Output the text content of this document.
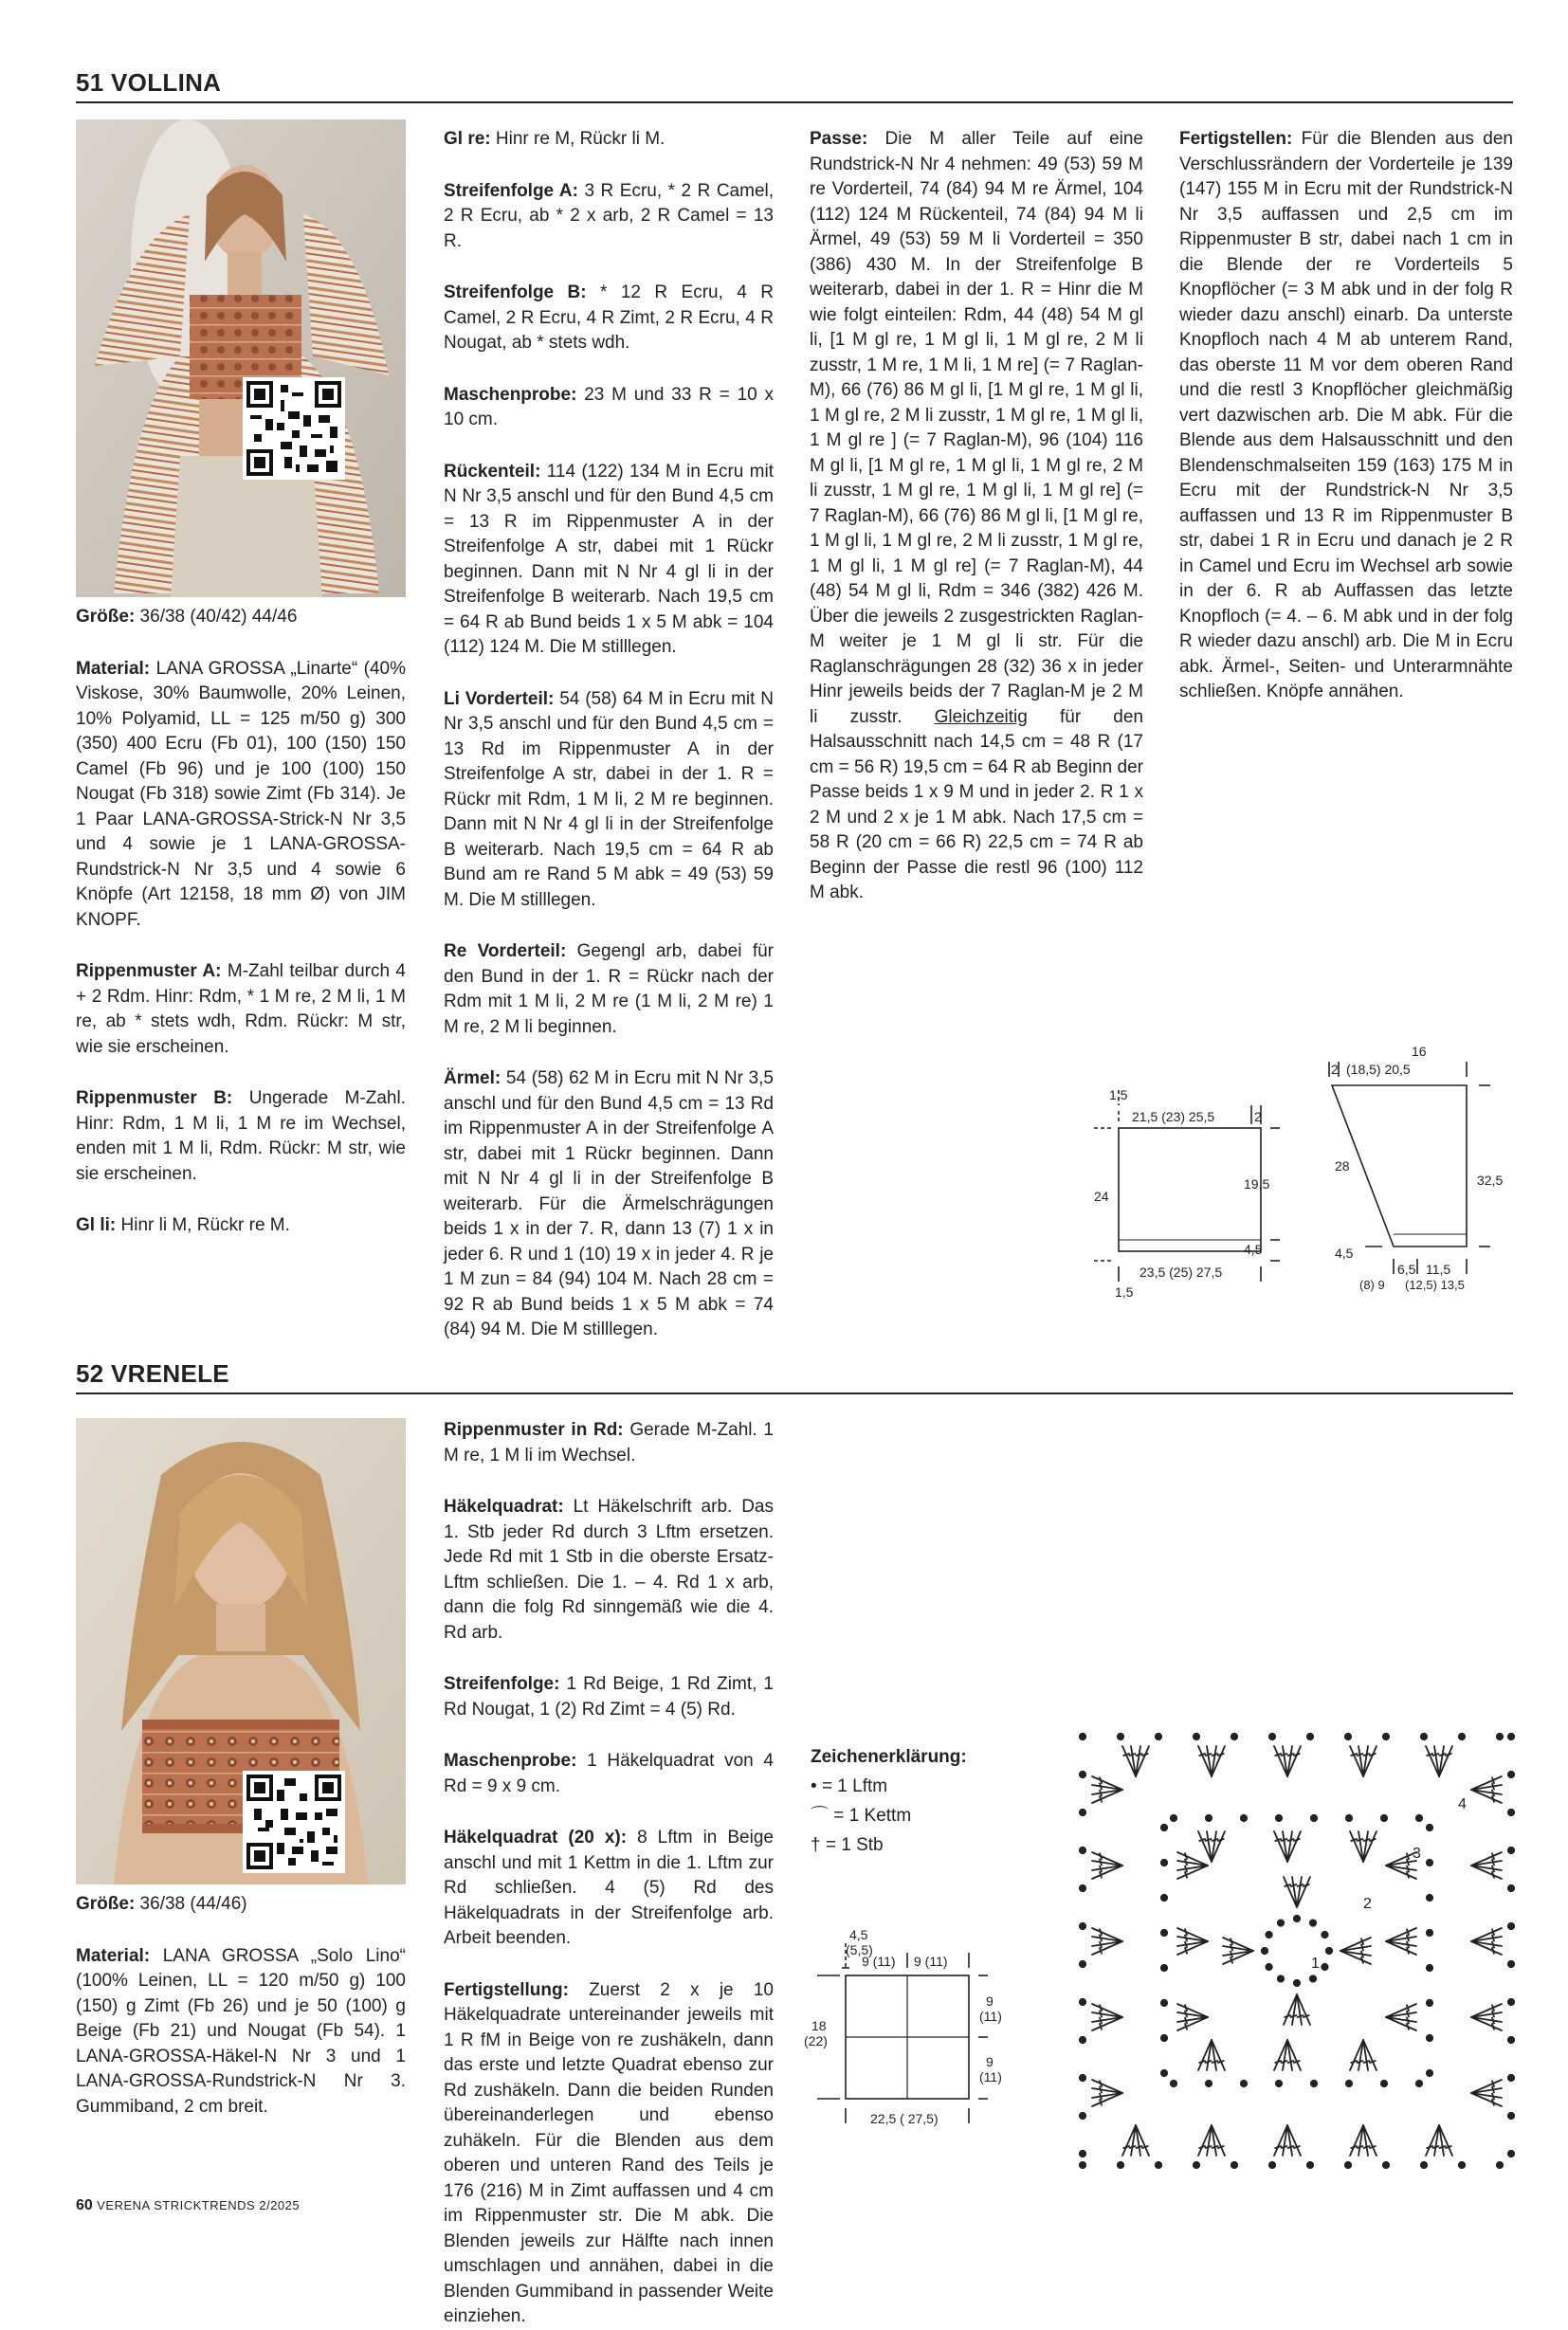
51 VOLLINA

Größe: 36/38 (40/42) 44/46

Material: LANA GROSSA „Linarte“ (40% Viskose, 30% Baumwolle, 20% Leinen, 10% Polyamid, LL = 125 m/50 g) 300 (350) 400 Ecru (Fb 01), 100 (150) 150 Camel (Fb 96) und je 100 (100) 150 Nougat (Fb 318) sowie Zimt (Fb 314). Je 1 Paar LANA-GROSSA-Strick-N Nr 3,5 und 4 sowie je 1 LANA-GROSSA-Rundstrick-N Nr 3,5 und 4 sowie 6 Knöpfe (Art 12158, 18 mm Ø) von JIM KNOPF.

Rippenmuster A: M-Zahl teilbar durch 4 + 2 Rdm. Hinr: Rdm, * 1 M re, 2 M li, 1 M re, ab * stets wdh, Rdm. Rückr: M str, wie sie erscheinen.

Rippenmuster B: Ungerade M-Zahl. Hinr: Rdm, 1 M li, 1 M re im Wechsel, enden mit 1 M li, Rdm. Rückr: M str, wie sie erscheinen.

Gl li: Hinr li M, Rückr re M.

Gl re: Hinr re M, Rückr li M.

Streifenfolge A: 3 R Ecru, * 2 R Camel, 2 R Ecru, ab * 2 x arb, 2 R Camel = 13 R.

Streifenfolge B: * 12 R Ecru, 4 R Camel, 2 R Ecru, 4 R Zimt, 2 R Ecru, 4 R Nougat, ab * stets wdh.

Maschenprobe: 23 M und 33 R = 10 x 10 cm.

Rückenteil: 114 (122) 134 M in Ecru mit N Nr 3,5 anschl und für den Bund 4,5 cm = 13 R im Rippenmuster A in der Streifenfolge A str, dabei mit 1 Rückr beginnen. Dann mit N Nr 4 gl li in der Streifenfolge B weiterarb. Nach 19,5 cm = 64 R ab Bund beids 1 x 5 M abk = 104 (112) 124 M. Die M stilllegen.

Li Vorderteil: 54 (58) 64 M in Ecru mit N Nr 3,5 anschl und für den Bund 4,5 cm = 13 Rd im Rippenmuster A in der Streifenfolge A str, dabei in der 1. R = Rückr mit Rdm, 1 M li, 2 M re beginnen. Dann mit N Nr 4 gl li in der Streifenfolge B weiterarb. Nach 19,5 cm = 64 R ab Bund am re Rand 5 M abk = 49 (53) 59 M. Die M stilllegen.

Re Vorderteil: Gegengl arb, dabei für den Bund in der 1. R = Rückr nach der Rdm mit 1 M li, 2 M re (1 M li, 2 M re) 1 M re, 2 M li beginnen.

Ärmel: 54 (58) 62 M in Ecru mit N Nr 3,5 anschl und für den Bund 4,5 cm = 13 Rd im Rippenmuster A in der Streifenfolge A str, dabei mit 1 Rückr beginnen. Dann mit N Nr 4 gl li in der Streifenfolge B weiterarb. Für die Ärmelschrägungen beids 1 x in der 7. R, dann 13 (7) 1 x in jeder 6. R und 1 (10) 19 x in jeder 4. R je 1 M zun = 84 (94) 104 M. Nach 28 cm = 92 R ab Bund beids 1 x 5 M abk = 74 (84) 94 M. Die M stilllegen.

Passe: Die M aller Teile auf eine Rundstrick-N Nr 4 nehmen: 49 (53) 59 M re Vorderteil, 74 (84) 94 M re Ärmel, 104 (112) 124 M Rückenteil, 74 (84) 94 M li Ärmel, 49 (53) 59 M li Vorderteil = 350 (386) 430 M. In der Streifenfolge B weiterarb, dabei in der 1. R = Hinr die M wie folgt einteilen: Rdm, 44 (48) 54 M gl li, [1 M gl re, 1 M gl li, 1 M gl re, 2 M li zusstr, 1 M re, 1 M li, 1 M re] (= 7 Raglan-M), 66 (76) 86 M gl li, [1 M gl re, 1 M gl li, 1 M gl re, 2 M li zusstr, 1 M gl re, 1 M gl li, 1 M gl re ] (= 7 Raglan-M), 96 (104) 116 M gl li, [1 M gl re, 1 M gl li, 1 M gl re, 2 M li zusstr, 1 M gl re, 1 M gl li, 1 M gl re] (= 7 Raglan-M), 66 (76) 86 M gl li, [1 M gl re, 1 M gl li, 1 M gl re, 2 M li zusstr, 1 M gl re, 1 M gl li, 1 M gl re] (= 7 Raglan-M), 44 (48) 54 M gl li, Rdm = 346 (382) 426 M. Über die jeweils 2 zusgestrickten Raglan-M weiter je 1 M gl li str. Für die Raglanschrägungen 28 (32) 36 x in jeder Hinr jeweils beids der 7 Raglan-M je 2 M li zusstr. Gleichzeitig für den Halsausschnitt nach 14,5 cm = 48 R (17 cm = 56 R) 19,5 cm = 64 R ab Beginn der Passe beids 1 x 9 M und in jeder 2. R 1 x 2 M und 2 x je 1 M abk. Nach 17,5 cm = 58 R (20 cm = 66 R) 22,5 cm = 74 R ab Beginn der Passe die restl 96 (100) 112 M abk.

Fertigstellen: Für die Blenden aus den Verschlussrändern der Vorderteile je 139 (147) 155 M in Ecru mit der Rundstrick-N Nr 3,5 auffassen und 2,5 cm im Rippenmuster B str, dabei nach 1 cm in die Blende der re Vorderteils 5 Knopflöcher (= 3 M abk und in der folg R wieder dazu anschl) einarb. Da unterste Knopfloch nach 4 M ab unterem Rand, das oberste 11 M vor dem oberen Rand und die restl 3 Knopflöcher gleichmäßig vert dazwischen arb. Die M abk. Für die Blende aus dem Halsausschnitt und den Blendenschmalseiten 159 (163) 175 M in Ecru mit der Rundstrick-N Nr 3,5 auffassen und 13 R im Rippenmuster B str, dabei 1 R in Ecru und danach je 2 R in Camel und Ecru im Wechsel arb sowie in der 6. R ab Auffassen das letzte Knopfloch (= 4. – 6. M abk und in der folg R wieder dazu anschl) arb. Die M in Ecru abk. Ärmel-, Seiten- und Unterarmnähte schließen. Knöpfe annähen.

1,5
21,5 (23) 25,5	2
19,5
24
4,5
23,5 (25) 27,5
1,5
16
2 (18,5) 20,5
28
32,5
4,5
6,5
(8) 9
11,5
(12,5) 13,5
52 VRENELE

Größe: 36/38 (44/46)

Material: LANA GROSSA „Solo Lino“ (100% Leinen, LL = 120 m/50 g) 100 (150) g Zimt (Fb 26) und je 50 (100) g Beige (Fb 21) und Nougat (Fb 54). 1 LANA-GROSSA-Häkel-N Nr 3 und 1 LANA-GROSSA-Rundstrick-N Nr 3. Gummiband, 2 cm breit.

Rippenmuster in Rd: Gerade M-Zahl. 1 M re, 1 M li im Wechsel.

Häkelquadrat: Lt Häkelschrift arb. Das 1. Stb jeder Rd durch 3 Lftm ersetzen. Jede Rd mit 1 Stb in die oberste Ersatz-Lftm schließen. Die 1. – 4. Rd 1 x arb, dann die folg Rd sinngemäß wie die 4. Rd arb.

Streifenfolge: 1 Rd Beige, 1 Rd Zimt, 1 Rd Nougat, 1 (2) Rd Zimt = 4 (5) Rd.

Maschenprobe: 1 Häkelquadrat von 4 Rd = 9 x 9 cm.

Häkelquadrat (20 x): 8 Lftm in Beige anschl und mit 1 Kettm in die 1. Lftm zur Rd schließen. 4 (5) Rd des Häkelquadrats in der Streifenfolge arb. Arbeit beenden.

Fertigstellung: Zuerst 2 x je 10 Häkelquadrate untereinander jeweils mit 1 R fM in Beige von re zushäkeln, dann das erste und letzte Quadrat ebenso zur Rd zushäkeln. Dann die beiden Runden übereinanderlegen und ebenso zuhäkeln. Für die Blenden aus dem oberen und unteren Rand des Teils je 176 (216) M in Zimt auffassen und 4 cm im Rippenmuster str. Die M abk. Die Blenden jeweils zur Hälfte nach innen umschlagen und annähen, dabei in die Blenden Gummiband in passender Weite einziehen.

Zeichenerklärung:
• = 1 Lftm
⌒ = 1 Kettm
† = 1 Stb
4,5
(5,5)
9 (11) 9 (11)
18
(22)
9
(11)
9
(11)
22,5 ( 27,5)
1
2
3
4
60 VERENA STRICKTRENDS 2/2025
